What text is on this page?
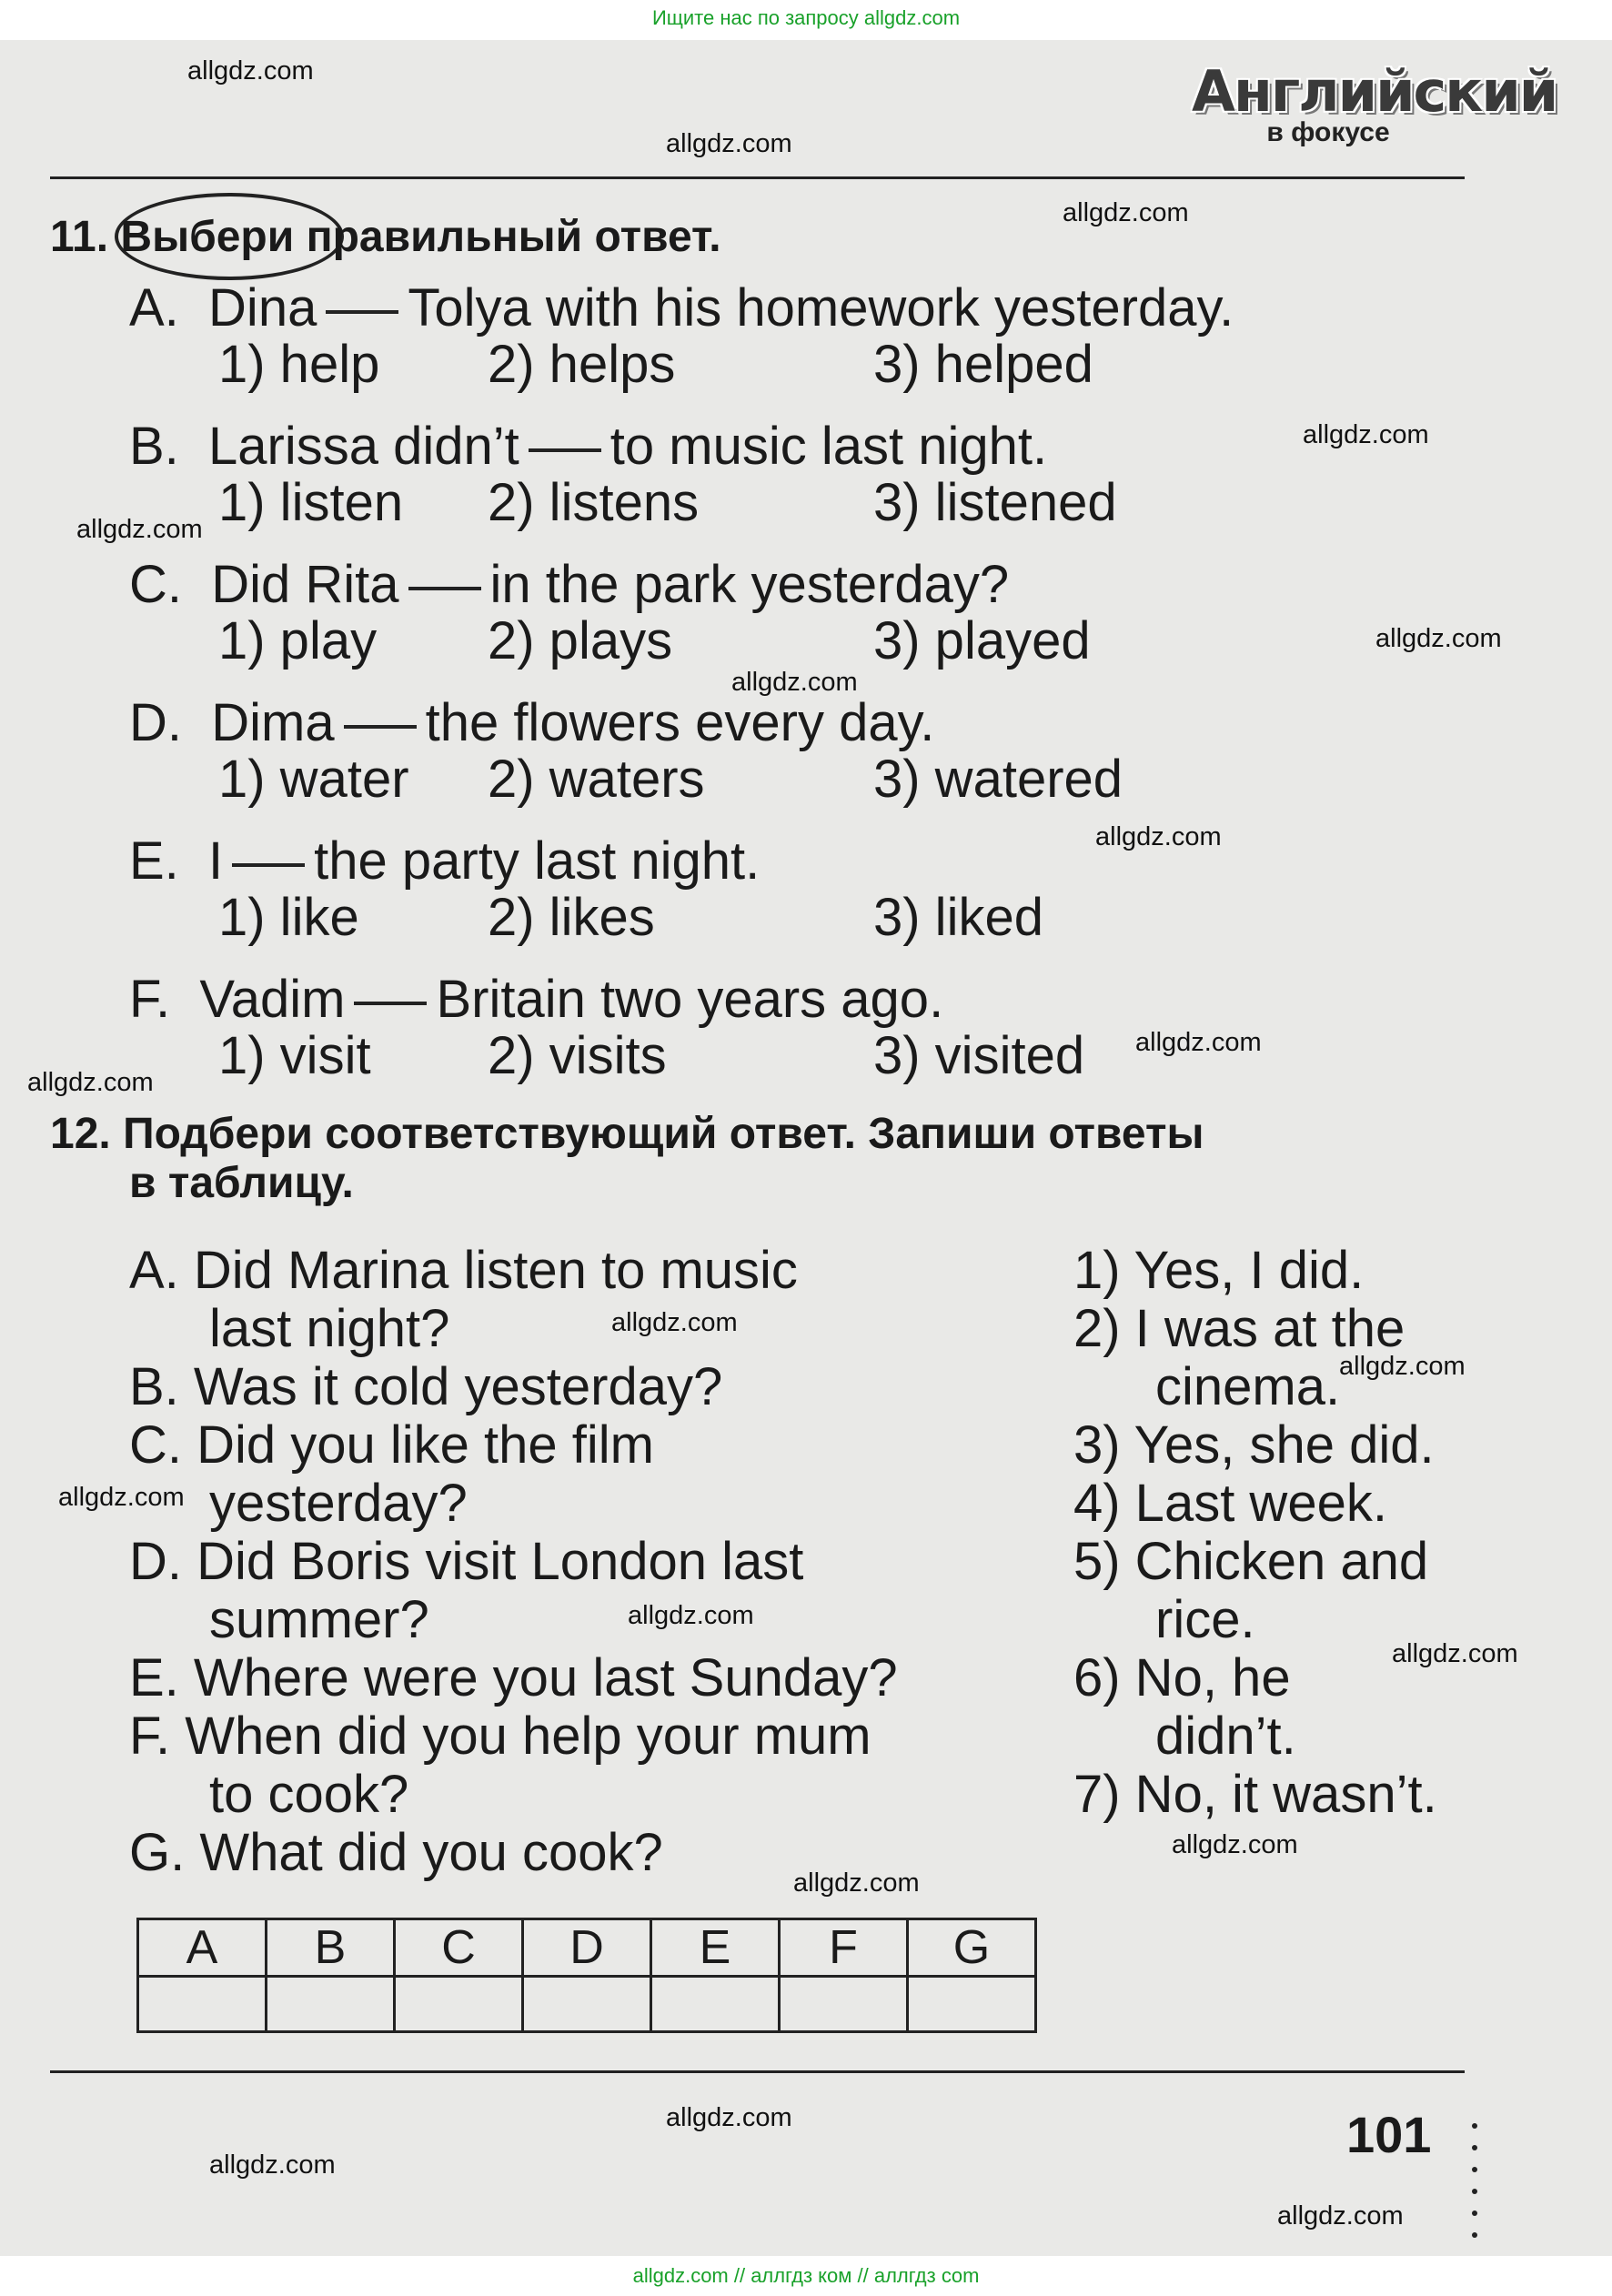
Ищите нас по запросу allgdz.com
Английский
в фокусе
11. Выбери правильный ответ.
A. Dina Tolya with his homework yesterday.
1) help 2) helps	3) helped
B. Larissa didn’t to music last night.
1) listen 2) listens	3) listened
C. Did Rita in the park yesterday?
1) play 2) plays	3) played
D. Dima the flowers every day.
1) water 2) waters	3) watered
E. I the party last night.
1) like 2) likes	3) liked
F. Vadim Britain two years ago.
1) visit 2) visits	3) visited
12. Подбери соответствующий ответ. Запиши ответы
в таблицу.
A. Did Marina listen to music
last night?
B. Was it cold yesterday?
C. Did you like the film
yesterday?
D. Did Boris visit London last
summer?
E. Where were you last Sunday?
F. When did you help your mum
to cook?
G. What did you cook?
1) Yes, I did.
2) I was at the
cinema.
3) Yes, she did.
4) Last week.
5) Chicken and
rice.
6) No, he
didn’t.
7) No, it wasn’t.
A	B	C	D	E	F	G

101
allgdz.com
allgdz.com
allgdz.com
allgdz.com
allgdz.com
allgdz.com
allgdz.com
allgdz.com
allgdz.com
allgdz.com
allgdz.com
allgdz.com
allgdz.com
allgdz.com
allgdz.com
allgdz.com
allgdz.com
allgdz.com
allgdz.com
allgdz.com
allgdz.com // аллгдз ком // аллгдз com
